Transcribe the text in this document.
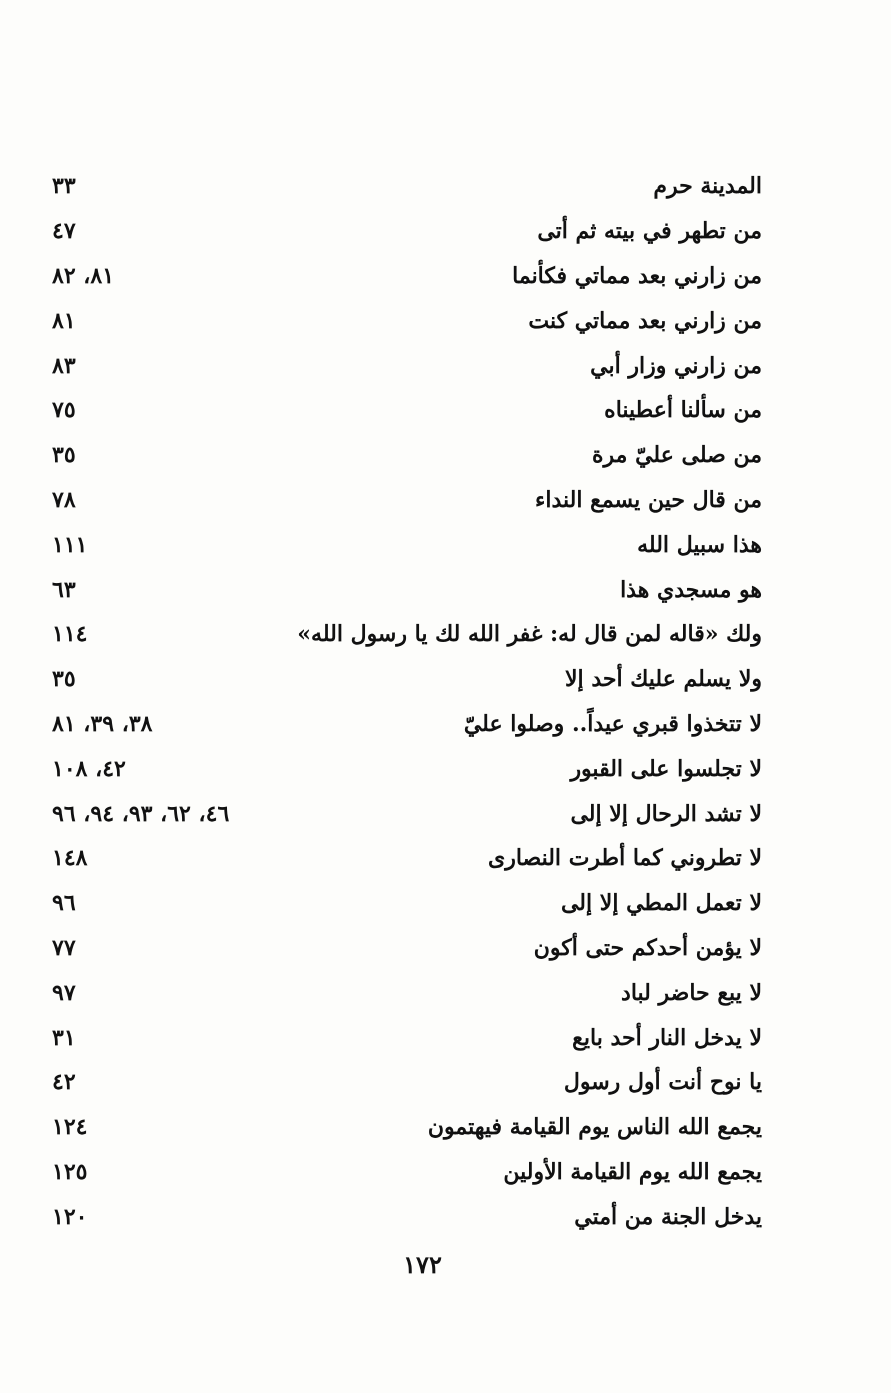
المدينة حرم
٣٣
من تطهر في بيته ثم أتى
٤٧
من زارني بعد مماتي فكأنما
٨١، ٨٢
من زارني بعد مماتي كنت
٨١
من زارني وزار أبي
٨٣
من سألنا أعطيناه
٧٥
من صلى عليّ مرة
٣٥
من قال حين يسمع النداء
٧٨
هذا سبيل الله
١١١
هو مسجدي هذا
٦٣
ولك «قاله لمن قال له: غفر الله لك يا رسول الله»
١١٤
ولا يسلم عليك أحد إلا
٣٥
لا تتخذوا قبري عيداً.. وصلوا عليّ
٣٨، ٣٩، ٨١
لا تجلسوا على القبور
٤٢، ١٠٨
لا تشد الرحال إلا إلى
٤٦، ٦٢، ٩٣، ٩٤، ٩٦
لا تطروني كما أطرت النصارى
١٤٨
لا تعمل المطي إلا إلى
٩٦
لا يؤمن أحدكم حتى أكون
٧٧
لا يبع حاضر لباد
٩٧
لا يدخل النار أحد بايع
٣١
يا نوح أنت أول رسول
٤٢
يجمع الله الناس يوم القيامة فيهتمون
١٢٤
يجمع الله يوم القيامة الأولين
١٢٥
يدخل الجنة من أمتي
١٢٠
١٧٢
